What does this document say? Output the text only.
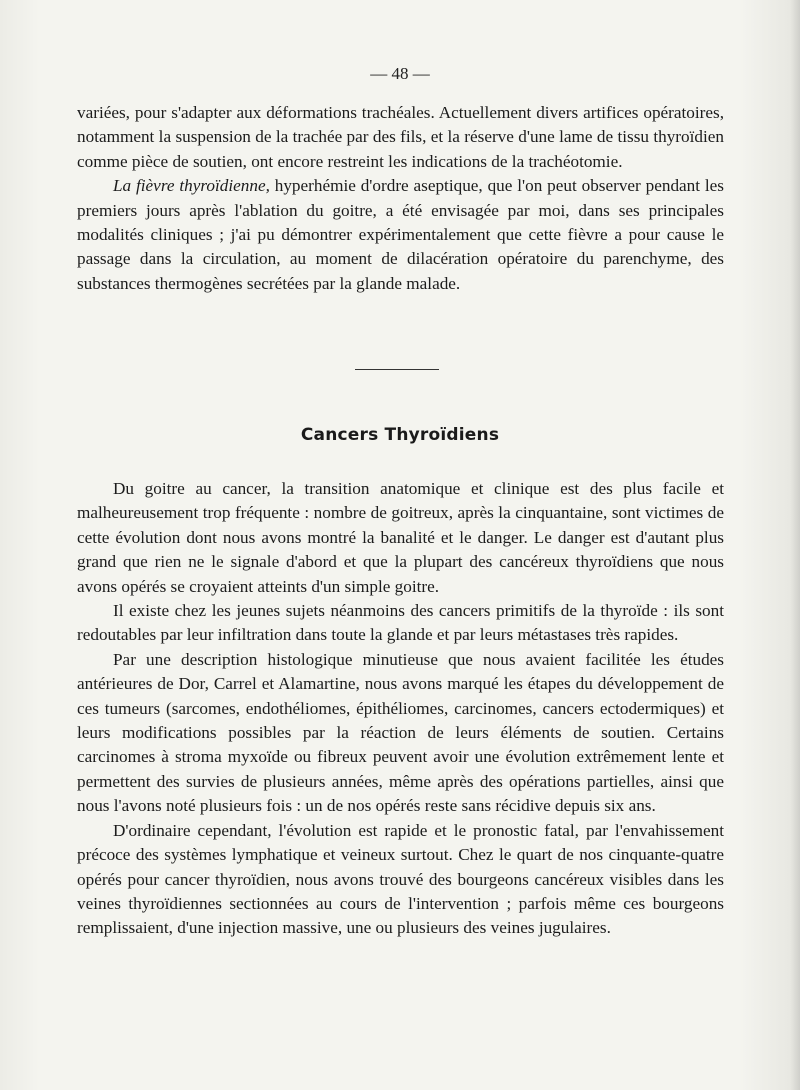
— 48 —

variées, pour s'adapter aux déformations trachéales. Actuellement divers artifices opératoires, notamment la suspension de la trachée par des fils, et la réserve d'une lame de tissu thyroïdien comme pièce de soutien, ont encore restreint les indications de la trachéotomie.

La fièvre thyroïdienne, hyperhémie d'ordre aseptique, que l'on peut observer pendant les premiers jours après l'ablation du goitre, a été envisagée par moi, dans ses principales modalités cliniques ; j'ai pu démontrer expérimentalement que cette fièvre a pour cause le passage dans la circulation, au moment de dilacération opératoire du parenchyme, des substances thermogènes secrétées par la glande malade.

Cancers Thyroïdiens

Du goitre au cancer, la transition anatomique et clinique est des plus facile et malheureusement trop fréquente : nombre de goitreux, après la cinquantaine, sont victimes de cette évolution dont nous avons montré la banalité et le danger. Le danger est d'autant plus grand que rien ne le signale d'abord et que la plupart des cancéreux thyroïdiens que nous avons opérés se croyaient atteints d'un simple goitre.

Il existe chez les jeunes sujets néanmoins des cancers primitifs de la thyroïde : ils sont redoutables par leur infiltration dans toute la glande et par leurs métastases très rapides.

Par une description histologique minutieuse que nous avaient facilitée les études antérieures de Dor, Carrel et Alamartine, nous avons marqué les étapes du développement de ces tumeurs (sarcomes, endothéliomes, épithéliomes, carcinomes, cancers ectodermiques) et leurs modifications possibles par la réaction de leurs éléments de soutien. Certains carcinomes à stroma myxoïde ou fibreux peuvent avoir une évolution extrêmement lente et permettent des survies de plusieurs années, même après des opérations partielles, ainsi que nous l'avons noté plusieurs fois : un de nos opérés reste sans récidive depuis six ans.

D'ordinaire cependant, l'évolution est rapide et le pronostic fatal, par l'envahissement précoce des systèmes lymphatique et veineux surtout. Chez le quart de nos cinquante-quatre opérés pour cancer thyroïdien, nous avons trouvé des bourgeons cancéreux visibles dans les veines thyroïdiennes sectionnées au cours de l'intervention ; parfois même ces bourgeons remplissaient, d'une injection massive, une ou plusieurs des veines jugulaires.
